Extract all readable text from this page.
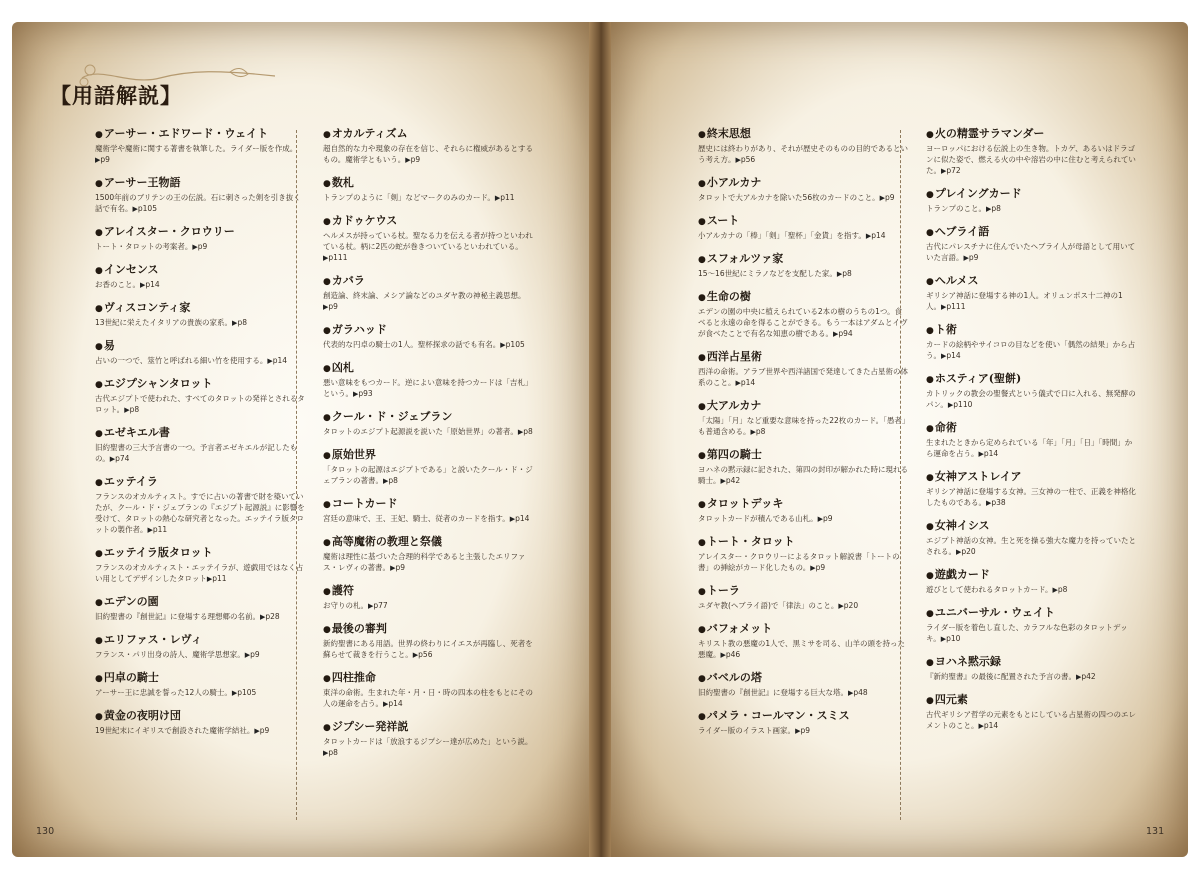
【用語解説】
●アーサー・エドワード・ウェイト
魔術学や魔術に関する著書を執筆した。ライダー版を作成。▶p9
●アーサー王物語
1500年前のブリテンの王の伝説。石に刺さった剣を引き抜く話で有名。▶p105
●アレイスター・クロウリー
トート・タロットの考案者。▶p9
●インセンス
お香のこと。▶p14
●ヴィスコンティ家
13世紀に栄えたイタリアの貴族の家系。▶p8
●易
占いの一つで、筮竹と呼ばれる細い竹を使用する。▶p14
●エジプシャンタロット
古代エジプトで使われた、すべてのタロットの発祥とされるタロット。▶p8
●エゼキエル書
旧約聖書の三大予言書の一つ。予言者エゼキエルが記したもの。▶p74
●エッテイラ
フランスのオカルティスト。すでに占いの著書で財を築いていたが、クール・ド・ジェブランの『エジプト起源説』に影響を受けて、タロットの熱心な研究者となった。エッテイラ版タロットの製作者。▶p11
●エッテイラ版タロット
フランスのオカルティスト・エッテイラが、遊戯用ではなく占い用としてデザインしたタロット▶p11
●エデンの園
旧約聖書の『創世記』に登場する理想郷の名前。▶p28
●エリファス・レヴィ
フランス・パリ出身の詩人、魔術学思想家。▶p9
●円卓の騎士
アーサー王に忠誠を誓った12人の騎士。▶p105
●黄金の夜明け団
19世紀末にイギリスで創設された魔術学結社。▶p9
●オカルティズム
超自然的な力や現象の存在を信じ、それらに権威があるとするもの。魔術学ともいう。▶p9
●数札
トランプのように「剣」などマークのみのカード。▶p11
●カドゥケウス
ヘルメスが持っている杖。聖なる力を伝える者が持つといわれている杖。柄に2匹の蛇が巻きついているといわれている。▶p111
●カバラ
創造論、終末論、メシア論などのユダヤ教の神秘主義思想。▶p9
●ガラハッド
代表的な円卓の騎士の1人。聖杯探求の話でも有名。▶p105
●凶札
悪い意味をもつカード。逆によい意味を持つカードは「吉札」という。▶p93
●クール・ド・ジェブラン
タロットのエジプト起源説を説いた「原始世界」の著者。▶p8
●原始世界
「タロットの起源はエジプトである」と説いたクール・ド・ジェブランの著書。▶p8
●コートカード
宮廷の意味で、王、王妃、騎士、従者のカードを指す。▶p14
●高等魔術の教理と祭儀
魔術は理性に基づいた合理的科学であると主張したエリファス・レヴィの著書。▶p9
●護符
お守りの札。▶p77
●最後の審判
新約聖書にある用語。世界の終わりにイエスが再臨し、死者を蘇らせて裁きを行うこと。▶p56
●四柱推命
東洋の命術。生まれた年・月・日・時の四本の柱をもとにその人の運命を占う。▶p14
●ジプシー発祥説
タロットカードは「放浪するジプシー達が広めた」という説。▶p8
●終末思想
歴史には終わりがあり、それが歴史そのものの目的であるという考え方。▶p56
●小アルカナ
タロットで大アルカナを除いた56枚のカードのこと。▶p9
●スート
小アルカナの「棒」「剣」「聖杯」「金貨」を指す。▶p14
●スフォルツァ家
15～16世紀にミラノなどを支配した家。▶p8
●生命の樹
エデンの園の中央に植えられている2本の樹のうちの1つ。食べると永遠の命を得ることができる。もう一本はアダムとイヴが食べたことで有名な知恵の樹である。▶p94
●西洋占星術
西洋の命術。アラブ世界や西洋諸国で発達してきた占星術の体系のこと。▶p14
●大アルカナ
「太陽」「月」など重要な意味を持った22枚のカード。「愚者」も普通含める。▶p8
●第四の騎士
ヨハネの黙示録に記された、第四の封印が解かれた時に現れる騎士。▶p42
●タロットデッキ
タロットカードが積んである山札。▶p9
●トート・タロット
アレイスター・クロウリーによるタロット解説書「トートの書」の挿絵がカード化したもの。▶p9
●トーラ
ユダヤ教(ヘブライ語)で「律法」のこと。▶p20
●バフォメット
キリスト教の悪魔の1人で、黒ミサを司る、山羊の頭を持った悪魔。▶p46
●バベルの塔
旧約聖書の『創世記』に登場する巨大な塔。▶p48
●パメラ・コールマン・スミス
ライダー版のイラスト画家。▶p9
●火の精霊サラマンダー
ヨーロッパにおける伝説上の生き物。トカゲ、あるいはドラゴンに似た姿で、燃える火の中や溶岩の中に住むと考えられていた。▶p72
●プレイングカード
トランプのこと。▶p8
●ヘブライ語
古代にパレスチナに住んでいたヘブライ人が母語として用いていた言語。▶p9
●ヘルメス
ギリシア神話に登場する神の1人。オリュンポス十二神の1人。▶p111
●ト術
カードの絵柄やサイコロの目などを使い「偶然の結果」から占う。▶p14
●ホスティア(聖餅)
カトリックの教会の聖餐式という儀式で口に入れる、無発酵のパン。▶p110
●命術
生まれたときから定められている「年」「月」「日」「時間」から運命を占う。▶p14
●女神アストレイア
ギリシア神話に登場する女神。三女神の一柱で、正義を神格化したものである。▶p38
●女神イシス
エジプト神話の女神。生と死を操る強大な魔力を持っていたとされる。▶p20
●遊戯カード
遊びとして使われるタロットカード。▶p8
●ユニバーサル・ウェイト
ライダー版を着色し直した、カラフルな色彩のタロットデッキ。▶p10
●ヨハネ黙示録
『新約聖書』の最後に配置された予言の書。▶p42
●四元素
古代ギリシア哲学の元素をもとにしている占星術の四つのエレメントのこと。▶p14
130	131
